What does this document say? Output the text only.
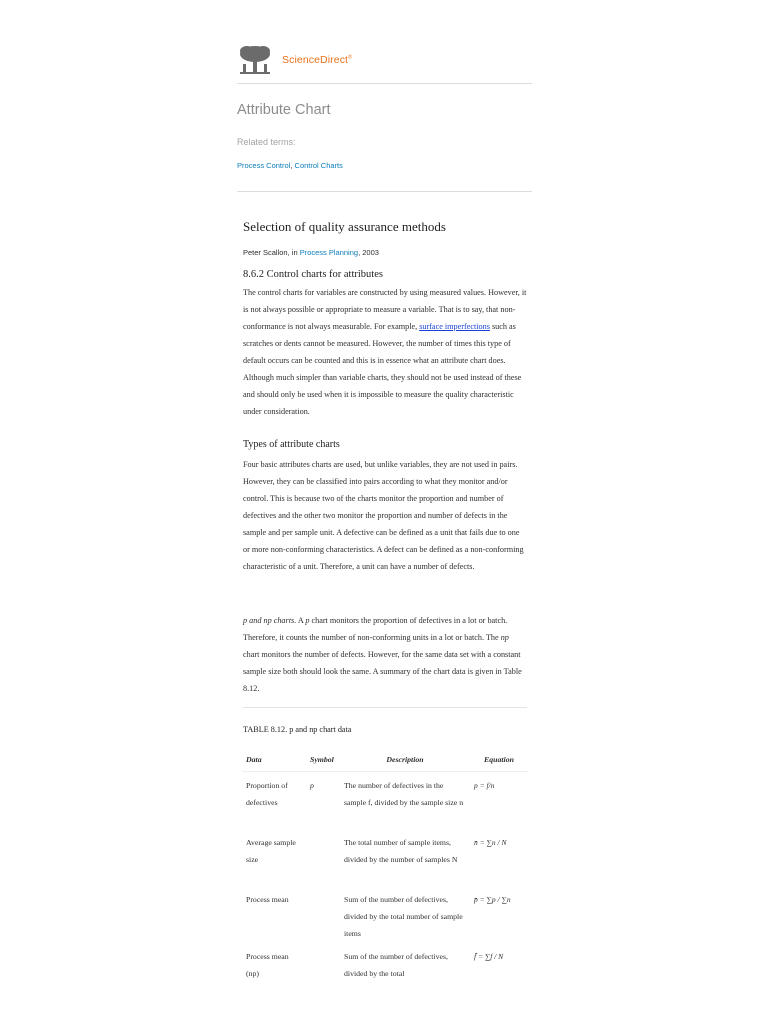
ScienceDirect®
Attribute Chart
Related terms:
Process Control, Control Charts
Selection of quality assurance methods
Peter Scallon, in Process Planning, 2003
8.6.2 Control charts for attributes
The control charts for variables are constructed by using measured values. However, it is not always possible or appropriate to measure a variable. That is to say, that non-conformance is not always measurable. For example, surface imperfections such as scratches or dents cannot be measured. However, the number of times this type of default occurs can be counted and this is in essence what an attribute chart does. Although much simpler than variable charts, they should not be used instead of these and should only be used when it is impossible to measure the quality characteristic under consideration.
Types of attribute charts
Four basic attributes charts are used, but unlike variables, they are not used in pairs. However, they can be classified into pairs according to what they monitor and/or control. This is because two of the charts monitor the proportion and number of defectives and the other two monitor the proportion and number of defects in the sample and per sample unit. A defective can be defined as a unit that fails due to one or more non-conforming characteristics. A defect can be defined as a non-conforming characteristic of a unit. Therefore, a unit can have a number of defects.
p and np charts. A p chart monitors the proportion of defectives in a lot or batch. Therefore, it counts the number of non-conforming units in a lot or batch. The np chart monitors the number of defects. However, for the same data set with a constant sample size both should look the same. A summary of the chart data is given in Table 8.12.
TABLE 8.12. p and np chart data
Data	Symbol	Description	Equation
Proportion of defectives	p	The number of defectives in the sample f, divided by the sample size n	p = f/n
Average sample size		The total number of sample items, divided by the number of samples N	n̄ = ∑n / N
Process mean		Sum of the number of defectives, divided by the total number of sample items	p̄ = ∑p / ∑n
Process mean (np)		Sum of the number of defectives, divided by the total	f̄ = ∑f / N
